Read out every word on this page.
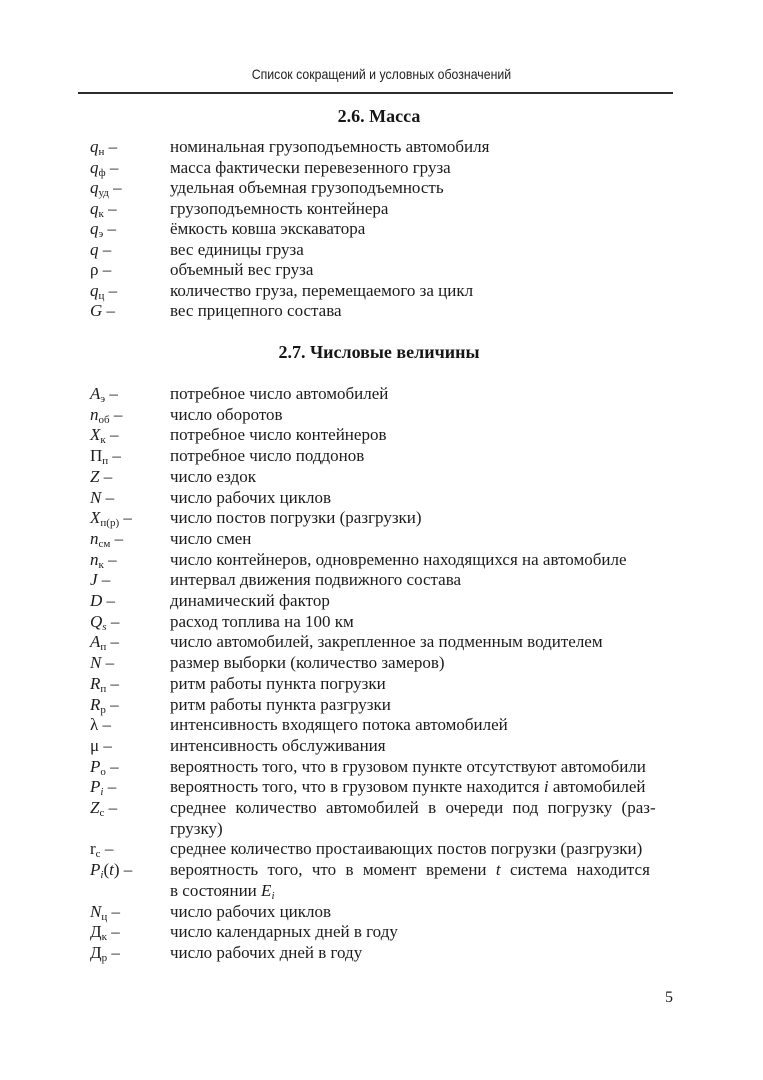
Список сокращений и условных обозначений
2.6. Масса
$q_н$ –	номинальная грузоподъемность автомобиля
$q_ф$ –	масса фактически перевезенного груза
$q_{уд}$ –	удельная объемная грузоподъемность
$q_к$ –	грузоподъемность контейнера
$q_э$ –	ёмкость ковша экскаватора
q –	вес единицы груза
ρ –	объемный вес груза
$q_ц$ –	количество груза, перемещаемого за цикл
G –	вес прицепного состава
2.7. Числовые величины
$А_э$ –	потребное число автомобилей
$n_{об}$ –	число оборотов
$Х_к$ –	потребное число контейнеров
$П_п$ –	потребное число поддонов
Z –	число ездок
N –	число рабочих циклов
$Х_{п(р)}$ –	число постов погрузки (разгрузки)
$n_{см}$ –	число смен
$n_к$ –	число контейнеров, одновременно находящихся на автомобиле
J –	интервал движения подвижного состава
D –	динамический фактор
$Q_s$ –	расход топлива на 100 км
$А_п$ –	число автомобилей, закрепленное за подменным водителем
N –	размер выборки (количество замеров)
$R_п$ –	ритм работы пункта погрузки
$R_р$ –	ритм работы пункта разгрузки
λ –	интенсивность входящего потока автомобилей
μ –	интенсивность обслуживания
$Р_о$ –	вероятность того, что в грузовом пункте отсутствуют автомобили
$Р_i$ –	вероятность того, что в грузовом пункте находится i автомобилей
$Z_с$ –	среднее количество автомобилей в очереди под погрузку (раз-
грузку)
$r_с$ –	среднее количество простаивающих постов погрузки (разгрузки)
$Р_i(t)$ –	вероятность того, что в момент времени t система находится
в состоянии $E_i$
$N_ц$ –	число рабочих циклов
$Д_к$ –	число календарных дней в году
$Д_р$ –	число рабочих дней в году
5
